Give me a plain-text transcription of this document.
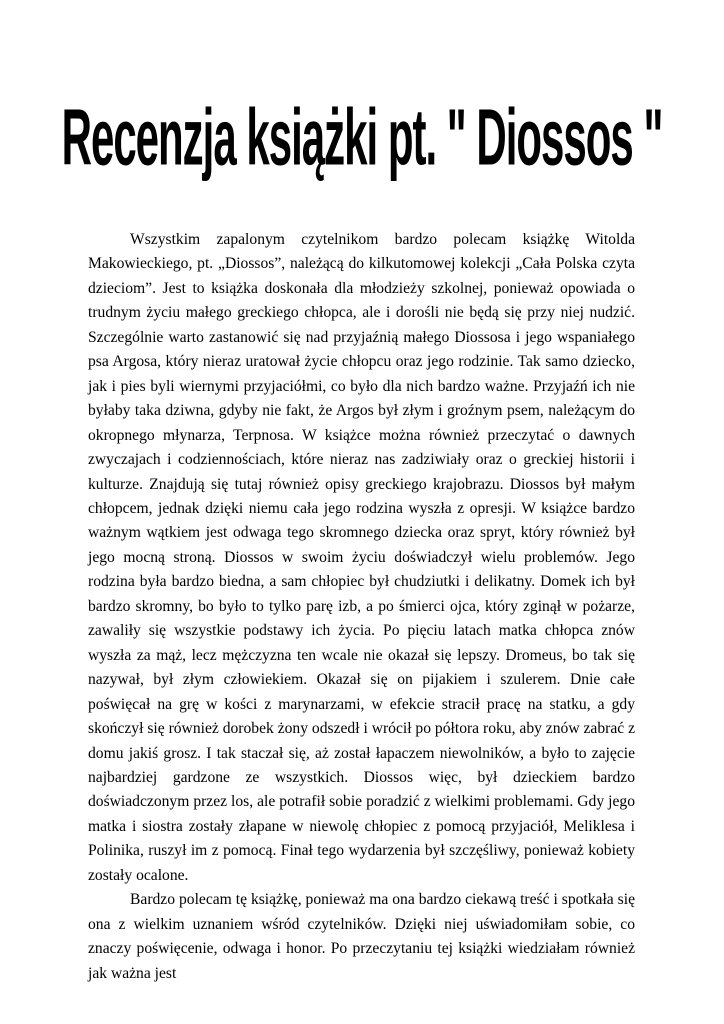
Recenzja książki pt. " Diossos "

Wszystkim zapalonym czytelnikom bardzo polecam książkę Witolda Makowieckiego, pt. „Diossos”, należącą do kilkutomowej kolekcji „Cała Polska czyta dzieciom”. Jest to książka doskonała dla młodzieży szkolnej, ponieważ opowiada o trudnym życiu małego greckiego chłopca, ale i dorośli nie będą się przy niej nudzić. Szczególnie warto zastanowić się nad przyjaźnią małego Diossosa i jego wspaniałego psa Argosa, który nieraz uratował życie chłopcu oraz jego rodzinie. Tak samo dziecko, jak i pies byli wiernymi przyjaciółmi, co było dla nich bardzo ważne. Przyjaźń ich nie byłaby taka dziwna, gdyby nie fakt, że Argos był złym i groźnym psem, należącym do okropnego młynarza, Terpnosa. W książce można również przeczytać o dawnych zwyczajach i codziennościach, które nieraz nas zadziwiały oraz o greckiej historii i kulturze. Znajdują się tutaj również opisy greckiego krajobrazu. Diossos był małym chłopcem, jednak dzięki niemu cała jego rodzina wyszła z opresji. W książce bardzo ważnym wątkiem jest odwaga tego skromnego dziecka oraz spryt, który również był jego mocną stroną. Diossos w swoim życiu doświadczył wielu problemów. Jego rodzina była bardzo biedna, a sam chłopiec był chudziutki i delikatny. Domek ich był bardzo skromny, bo było to tylko parę izb, a po śmierci ojca, który zginął w pożarze, zawaliły się wszystkie podstawy ich życia. Po pięciu latach matka chłopca znów wyszła za mąż, lecz mężczyzna ten wcale nie okazał się lepszy. Dromeus, bo tak się nazywał, był złym człowiekiem. Okazał się on pijakiem i szulerem. Dnie całe poświęcał na grę w kości z marynarzami, w efekcie stracił pracę na statku, a gdy skończył się również dorobek żony odszedł i wrócił po półtora roku, aby znów zabrać z domu jakiś grosz. I tak staczał się, aż został łapaczem niewolników, a było to zajęcie najbardziej gardzone ze wszystkich. Diossos więc, był dzieckiem bardzo doświadczonym przez los, ale potrafił sobie poradzić z wielkimi problemami. Gdy jego matka i siostra zostały złapane w niewolę chłopiec z pomocą przyjaciół, Meliklesa i Polinika, ruszył im z pomocą. Finał tego wydarzenia był szczęśliwy, ponieważ kobiety zostały ocalone.

Bardzo polecam tę książkę, ponieważ ma ona bardzo ciekawą treść i spotkała się ona z wielkim uznaniem wśród czytelników. Dzięki niej uświadomiłam sobie, co znaczy poświęcenie, odwaga i honor. Po przeczytaniu tej książki wiedziałam również jak ważna jest
